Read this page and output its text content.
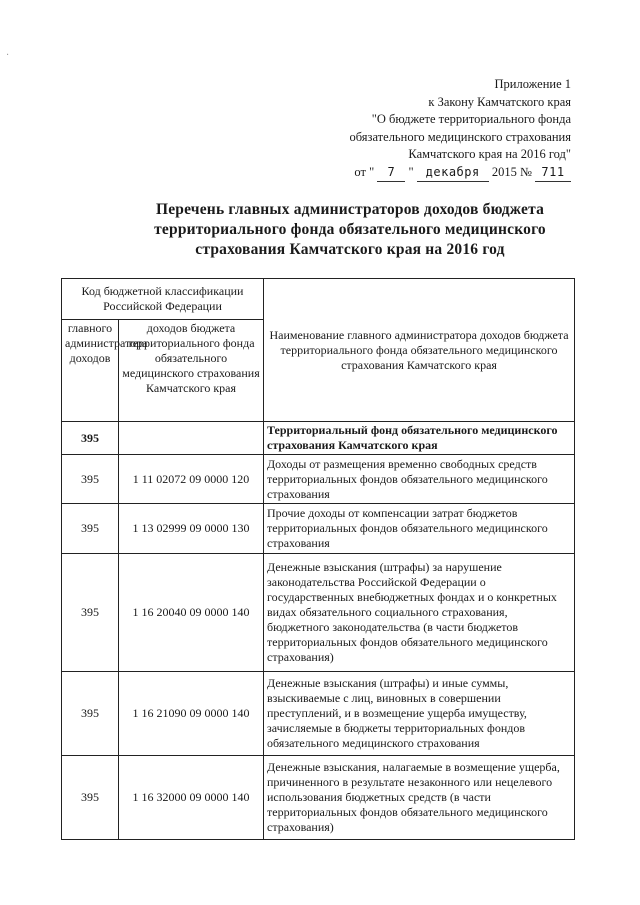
·
Приложение 1
к Закону Камчатского края
"О бюджете территориального фонда
обязательного медицинского страхования
Камчатского края на 2016 год"
от " 7 " декабря 2015 № 711
Перечень главных администраторов доходов бюджета
территориального фонда обязательного медицинского
страхования Камчатского края на 2016 год
Код бюджетной классификации Российской Федерации		Наименование главного администратора доходов бюджета территориального фонда обязательного медицинского страхования Камчатского края
главного администратора доходов	доходов бюджета территориального фонда обязательного медицинского страхования Камчатского края	
395		Территориальный фонд обязательного медицинского страхования Камчатского края
395	1 11 02072 09 0000 120	Доходы от размещения временно свободных средств территориальных фондов обязательного медицинского страхования
395	1 13 02999 09 0000 130	Прочие доходы от компенсации затрат бюджетов территориальных фондов обязательного медицинского страхования
395	1 16 20040 09 0000 140	Денежные взыскания (штрафы) за нарушение законодательства Российской Федерации о государственных внебюджетных фондах и о конкретных видах обязательного социального страхования, бюджетного законодательства (в части бюджетов территориальных фондов обязательного медицинского страхования)
395	1 16 21090 09 0000 140	Денежные взыскания (штрафы) и иные суммы, взыскиваемые с лиц, виновных в совершении преступлений, и в возмещение ущерба имуществу, зачисляемые в бюджеты территориальных фондов обязательного медицинского страхования
395	1 16 32000 09 0000 140	Денежные взыскания, налагаемые в возмещение ущерба, причиненного в результате незаконного или нецелевого использования бюджетных средств (в части территориальных фондов обязательного медицинского страхования)
